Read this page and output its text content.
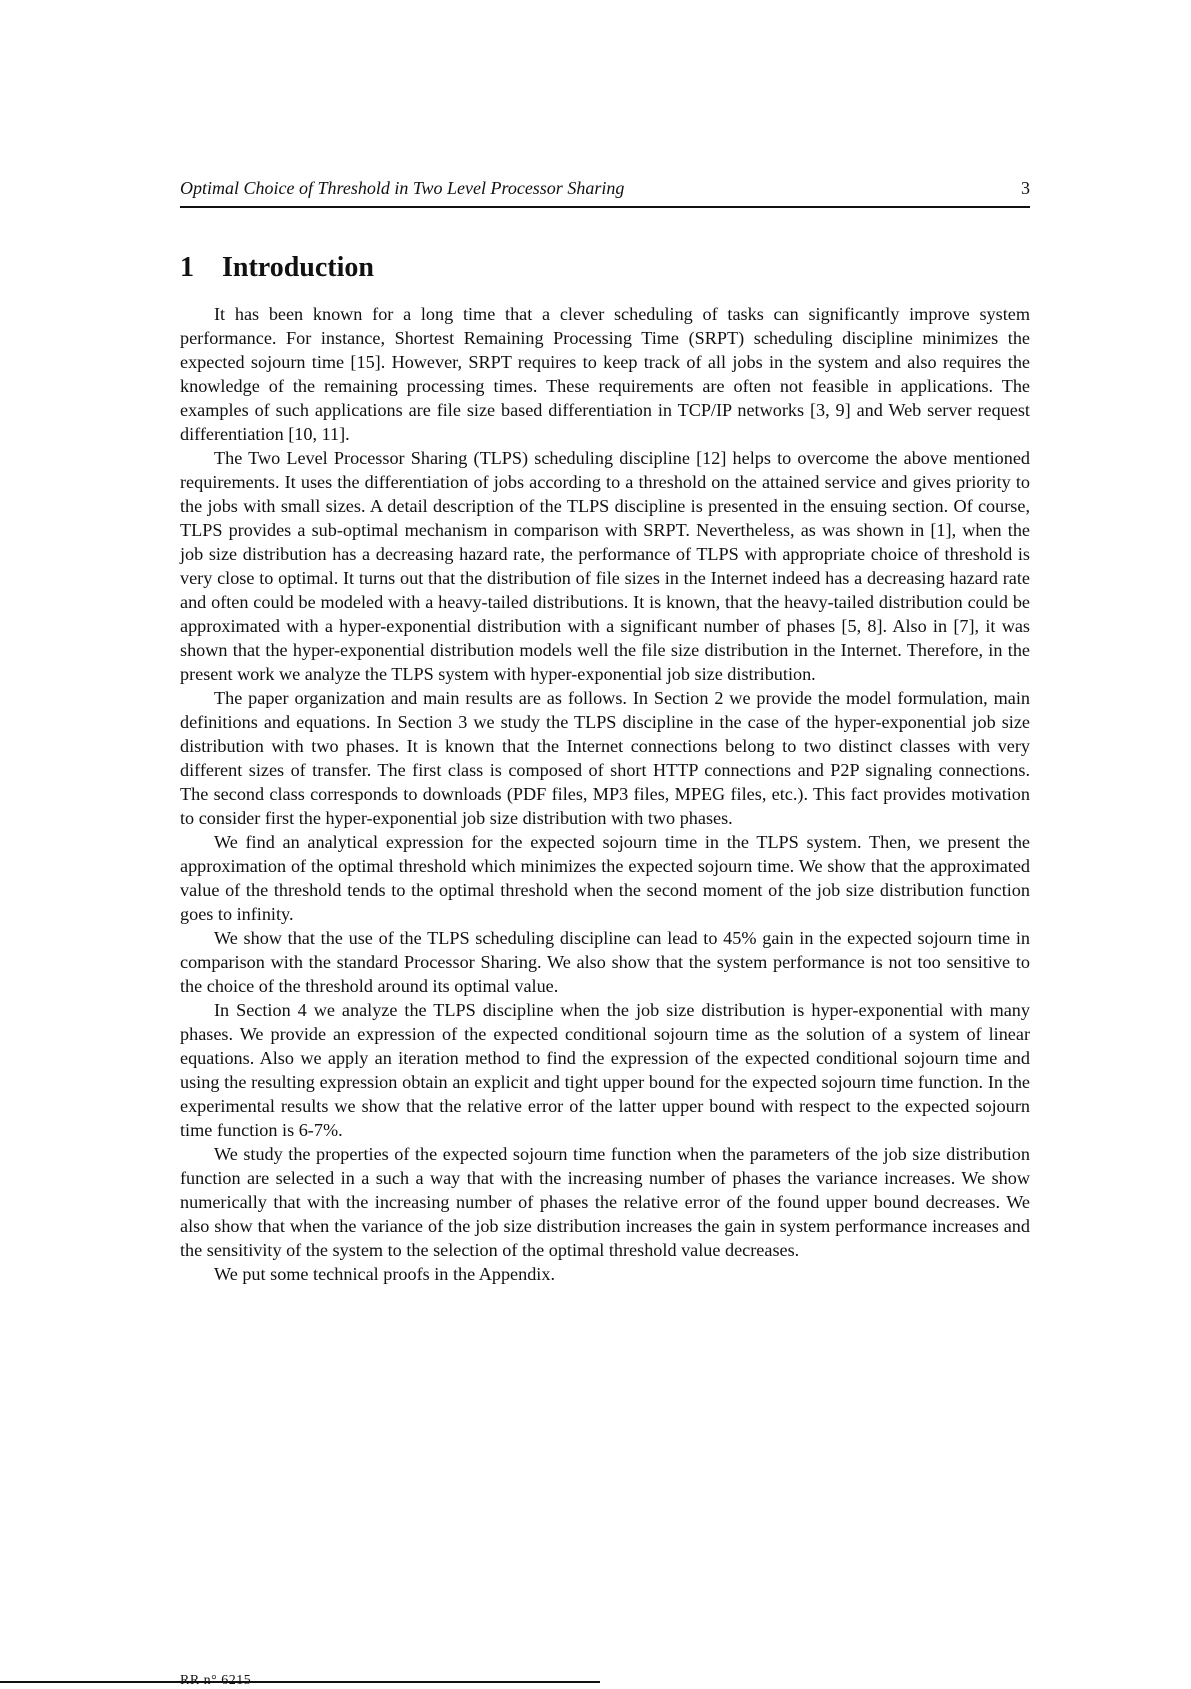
Optimal Choice of Threshold in Two Level Processor Sharing	3
1 Introduction

It has been known for a long time that a clever scheduling of tasks can significantly improve system performance. For instance, Shortest Remaining Processing Time (SRPT) scheduling discipline minimizes the expected sojourn time [15]. However, SRPT requires to keep track of all jobs in the system and also requires the knowledge of the remaining processing times. These requirements are often not feasible in applications. The examples of such applications are file size based differentiation in TCP/IP networks [3, 9] and Web server request differentiation [10, 11].

The Two Level Processor Sharing (TLPS) scheduling discipline [12] helps to overcome the above mentioned requirements. It uses the differentiation of jobs according to a threshold on the attained service and gives priority to the jobs with small sizes. A detail description of the TLPS discipline is presented in the ensuing section. Of course, TLPS provides a sub-optimal mechanism in comparison with SRPT. Nevertheless, as was shown in [1], when the job size distribution has a decreasing hazard rate, the performance of TLPS with appropriate choice of threshold is very close to optimal. It turns out that the distribution of file sizes in the Internet indeed has a decreasing hazard rate and often could be modeled with a heavy-tailed distributions. It is known, that the heavy-tailed distribution could be approximated with a hyper-exponential distribution with a significant number of phases [5, 8]. Also in [7], it was shown that the hyper-exponential distribution models well the file size distribution in the Internet. Therefore, in the present work we analyze the TLPS system with hyper-exponential job size distribution.

The paper organization and main results are as follows. In Section 2 we provide the model formulation, main definitions and equations. In Section 3 we study the TLPS discipline in the case of the hyper-exponential job size distribution with two phases. It is known that the Internet connections belong to two distinct classes with very different sizes of transfer. The first class is composed of short HTTP connections and P2P signaling connections. The second class corresponds to downloads (PDF files, MP3 files, MPEG files, etc.). This fact provides motivation to consider first the hyper-exponential job size distribution with two phases.

We find an analytical expression for the expected sojourn time in the TLPS system. Then, we present the approximation of the optimal threshold which minimizes the expected sojourn time. We show that the approximated value of the threshold tends to the optimal threshold when the second moment of the job size distribution function goes to infinity.

We show that the use of the TLPS scheduling discipline can lead to 45% gain in the expected sojourn time in comparison with the standard Processor Sharing. We also show that the system performance is not too sensitive to the choice of the threshold around its optimal value.

In Section 4 we analyze the TLPS discipline when the job size distribution is hyper-exponential with many phases. We provide an expression of the expected conditional sojourn time as the solution of a system of linear equations. Also we apply an iteration method to find the expression of the expected conditional sojourn time and using the resulting expression obtain an explicit and tight upper bound for the expected sojourn time function. In the experimental results we show that the relative error of the latter upper bound with respect to the expected sojourn time function is 6-7%.

We study the properties of the expected sojourn time function when the parameters of the job size distribution function are selected in a such a way that with the increasing number of phases the variance increases. We show numerically that with the increasing number of phases the relative error of the found upper bound decreases. We also show that when the variance of the job size distribution increases the gain in system performance increases and the sensitivity of the system to the selection of the optimal threshold value decreases.

We put some technical proofs in the Appendix.
